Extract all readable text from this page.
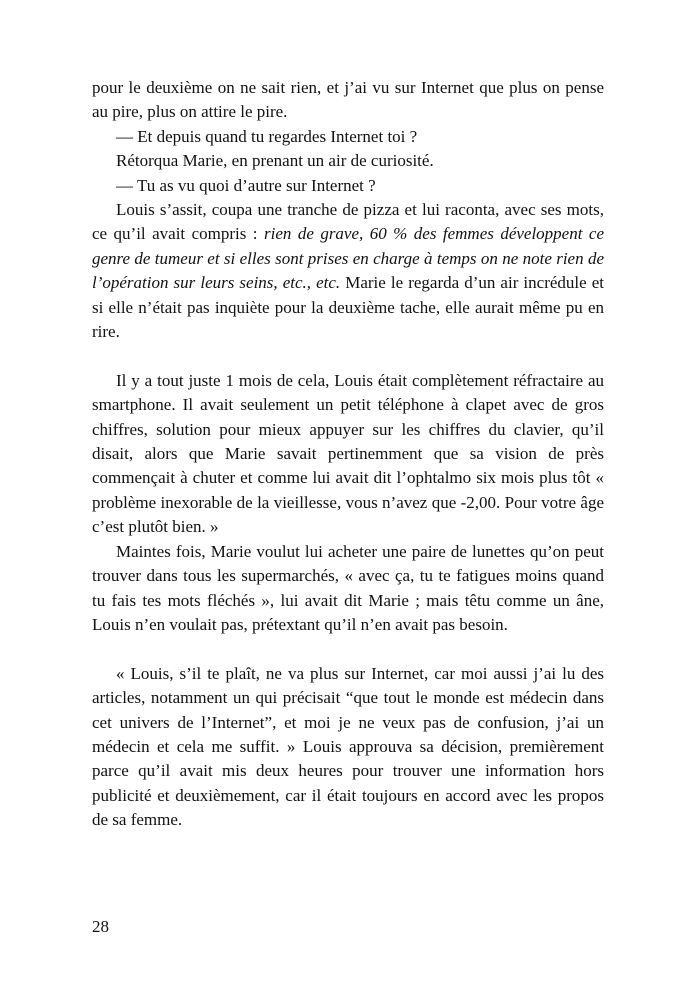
pour le deuxième on ne sait rien, et j’ai vu sur Internet que plus on pense au pire, plus on attire le pire.

— Et depuis quand tu regardes Internet toi ?

Rétorqua Marie, en prenant un air de curiosité.

— Tu as vu quoi d’autre sur Internet ?

Louis s’assit, coupa une tranche de pizza et lui raconta, avec ses mots, ce qu’il avait compris : rien de grave, 60 % des femmes développent ce genre de tumeur et si elles sont prises en charge à temps on ne note rien de l’opération sur leurs seins, etc., etc. Marie le regarda d’un air incrédule et si elle n’était pas inquiète pour la deuxième tache, elle aurait même pu en rire.

Il y a tout juste 1 mois de cela, Louis était complètement réfractaire au smartphone. Il avait seulement un petit téléphone à clapet avec de gros chiffres, solution pour mieux appuyer sur les chiffres du clavier, qu’il disait, alors que Marie savait pertinemment que sa vision de près commençait à chuter et comme lui avait dit l’ophtalmo six mois plus tôt « problème inexorable de la vieillesse, vous n’avez que -2,00. Pour votre âge c’est plutôt bien. »

Maintes fois, Marie voulut lui acheter une paire de lunettes qu’on peut trouver dans tous les supermarchés, « avec ça, tu te fatigues moins quand tu fais tes mots fléchés », lui avait dit Marie ; mais têtu comme un âne, Louis n’en voulait pas, prétextant qu’il n’en avait pas besoin.

« Louis, s’il te plaît, ne va plus sur Internet, car moi aussi j’ai lu des articles, notamment un qui précisait “que tout le monde est médecin dans cet univers de l’Internet”, et moi je ne veux pas de confusion, j’ai un médecin et cela me suffit. » Louis approuva sa décision, premièrement parce qu’il avait mis deux heures pour trouver une information hors publicité et deuxièmement, car il était toujours en accord avec les propos de sa femme.

28
